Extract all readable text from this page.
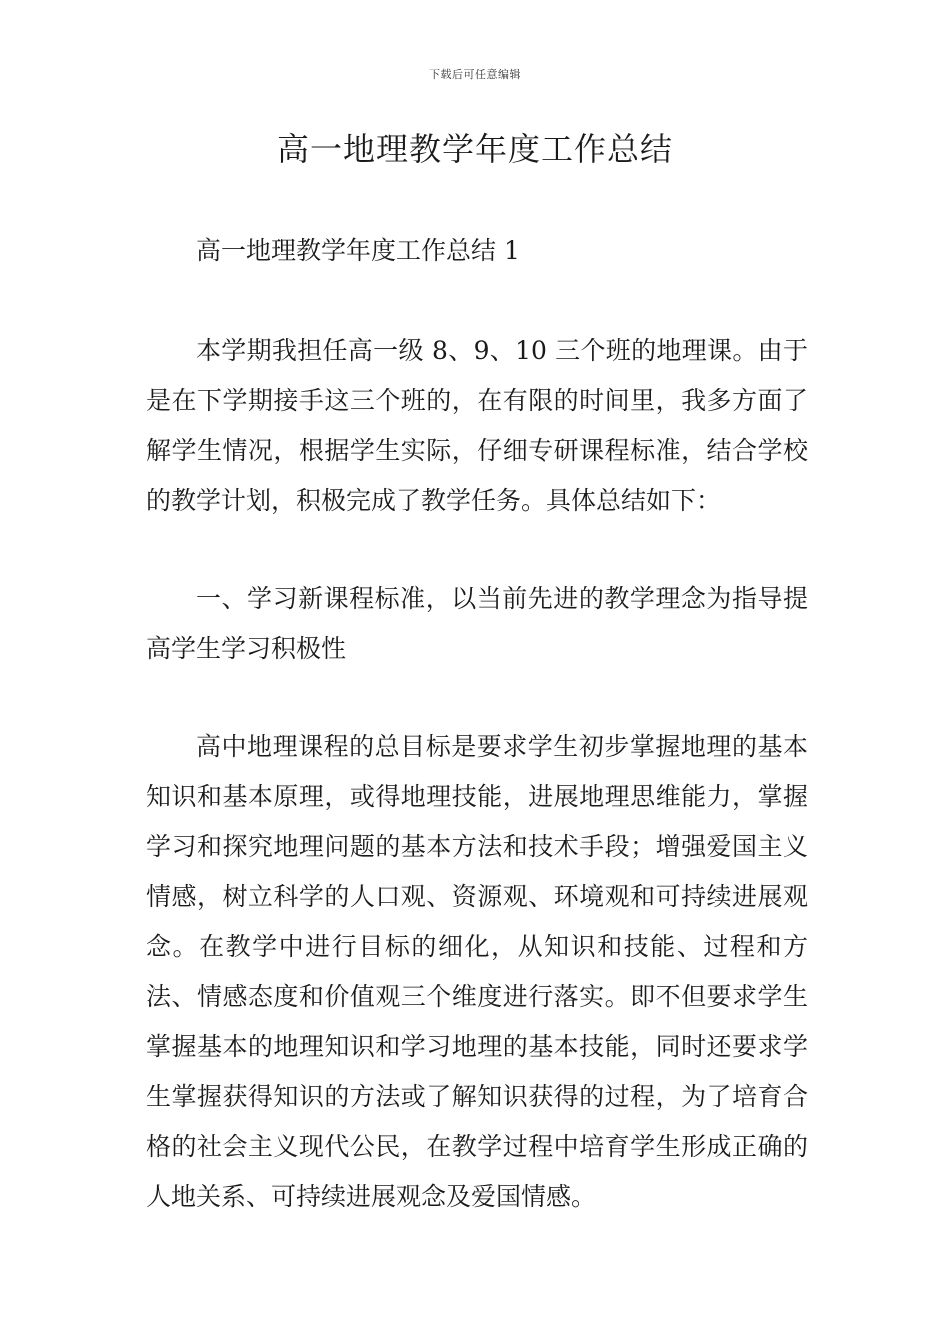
下载后可任意编辑
高一地理教学年度工作总结

高一地理教学年度工作总结 1

本学期我担任高一级 8、9、10 三个班的地理课。由于是在下学期接手这三个班的，在有限的时间里，我多方面了解学生情况，根据学生实际，仔细专研课程标准，结合学校的教学计划，积极完成了教学任务。具体总结如下：

一、学习新课程标准，以当前先进的教学理念为指导提高学生学习积极性

高中地理课程的总目标是要求学生初步掌握地理的基本知识和基本原理，或得地理技能，进展地理思维能力，掌握学习和探究地理问题的基本方法和技术手段；增强爱国主义情感，树立科学的人口观、资源观、环境观和可持续进展观念。在教学中进行目标的细化，从知识和技能、过程和方法、情感态度和价值观三个维度进行落实。即不但要求学生掌握基本的地理知识和学习地理的基本技能，同时还要求学生掌握获得知识的方法或了解知识获得的过程，为了培育合格的社会主义现代公民，在教学过程中培育学生形成正确的人地关系、可持续进展观念及爱国情感。
